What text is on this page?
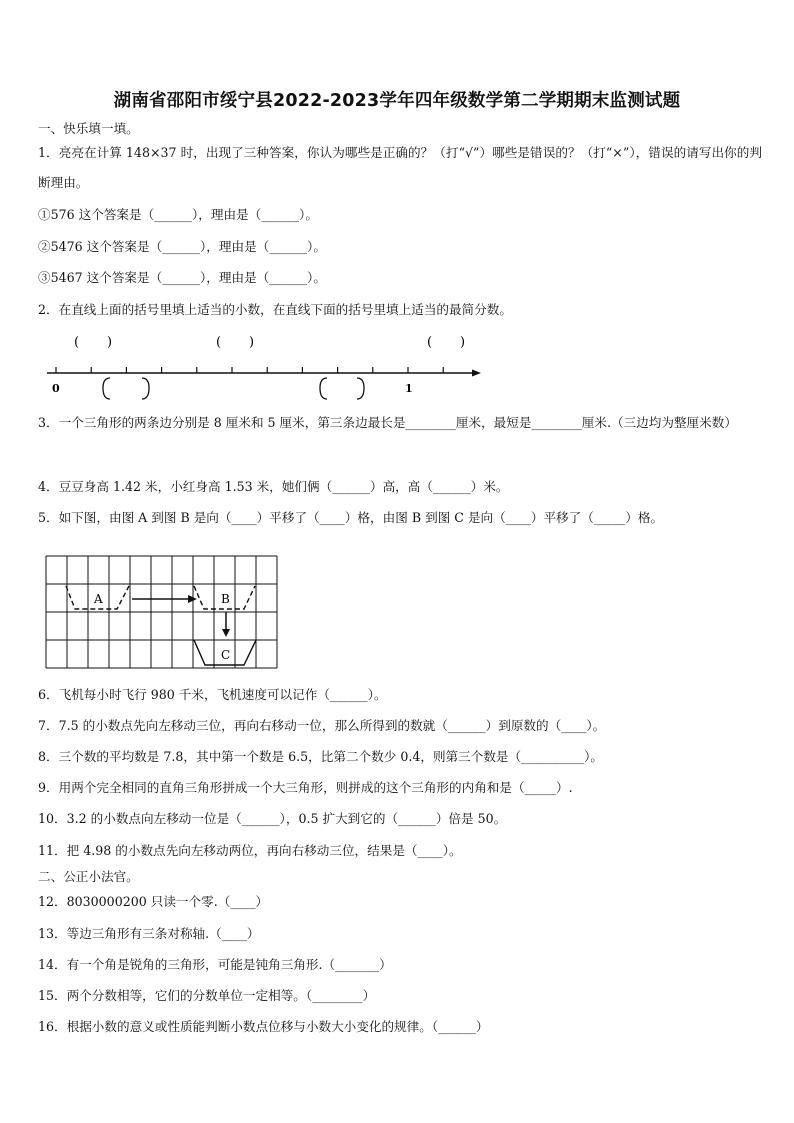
湖南省邵阳市绥宁县2022-2023学年四年级数学第二学期期末监测试题
一、快乐填一填。
1．亮亮在计算 148×37 时，出现了三种答案，你认为哪些是正确的？（打“√”）哪些是错误的？（打“×”），错误的请写出你的判断理由。
①576 这个答案是（______），理由是（______）。
②5476 这个答案是（______），理由是（______）。
③5467 这个答案是（______），理由是（______）。
2．在直线上面的括号里填上适当的小数，在直线下面的括号里填上适当的最简分数。
( )	( )	( )
0	1
3．一个三角形的两条边分别是 8 厘米和 5 厘米，第三条边最长是________厘米，最短是________厘米.（三边均为整厘米数）
4．豆豆身高 1.42 米，小红身高 1.53 米，她们俩（______）高，高（______）米。
5．如下图，由图 A 到图 B 是向（____）平移了（____）格，由图 B 到图 C 是向（____）平移了（_____）格。
A	B
C
6．飞机每小时飞行 980 千米，飞机速度可以记作（______）。
7．7.5 的小数点先向左移动三位，再向右移动一位，那么所得到的数就（______）到原数的（____）。
8．三个数的平均数是 7.8，其中第一个数是 6.5，比第二个数少 0.4，则第三个数是（__________）。
9．用两个完全相同的直角三角形拼成一个大三角形，则拼成的这个三角形的内角和是（_____）.
10．3.2 的小数点向左移动一位是（______），0.5 扩大到它的（______）倍是 50。
11．把 4.98 的小数点先向左移动两位，再向右移动三位，结果是（____）。
二、公正小法官。
12．8030000200 只读一个零.（____）
13．等边三角形有三条对称轴.（____）
14．有一个角是锐角的三角形，可能是钝角三角形.（_______）
15．两个分数相等，它们的分数单位一定相等。（________）
16．根据小数的意义或性质能判断小数点位移与小数大小变化的规律。（______）
